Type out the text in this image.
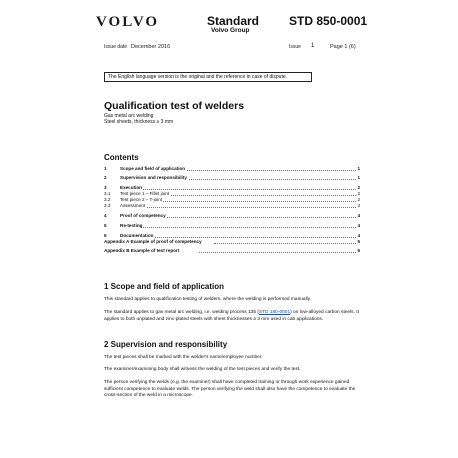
VOLVO	Standard
Volvo Group
STD 850-0001
Issue date December 2016	Issue 1	Page 1 (6)
The English language version is the original and the reference in case of dispute.
Qualification test of welders
Gas metal arc welding
Steel sheets, thickness ≥ 3 mm
Contents
1	Scope and field of application	1
2	Supervision and responsibility	1
3	Execution	2
3.1 Test piece 1 – Fillet joint	2
3.2 Test piece 2 – T-joint	2
3.3 Assessment	3
4	Proof of competency	4
5	Re-testing	4
6	Documentation	4
Appendix A Example of proof of competency	5
Appendix B Example of test report	6
1 Scope and field of application
This standard applies to qualification testing of welders, where the welding is performed manually.
The standard applies to gas metal arc welding, i.e. welding process 135 (STD 180-0001) on low-alloyed carbon steels. It applies to both unplated and zinc-plated steels with sheet thicknesses ≥ 3 mm used in cab applications.
2 Supervision and responsibility
The test pieces shall be marked with the welder's name/employee number.
The examiner/examining body shall witness the welding of the test pieces and verify the test.
The person verifying the welds (e.g. the examiner) shall have completed training or through work experience gained sufficient competence to evaluate welds. The person verifying the weld shall also have the competence to evaluate the cross-section of the weld in a microscope.
